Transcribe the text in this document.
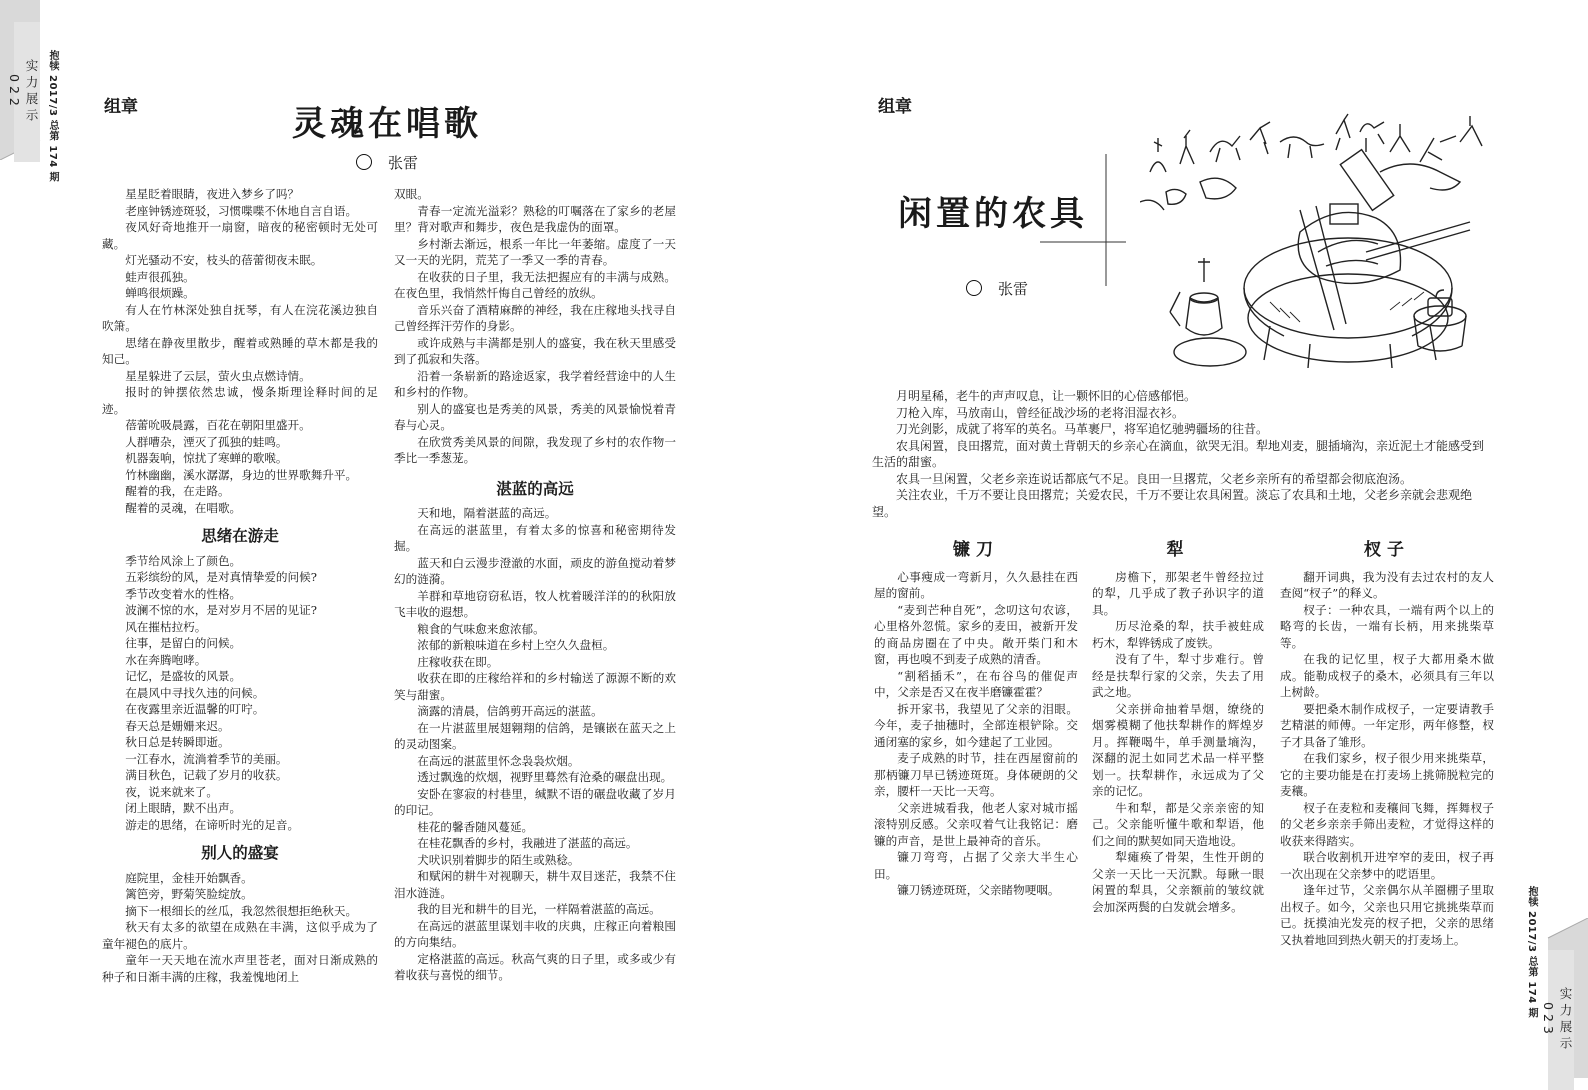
实力展示
022	抱犊 2017/3 总第 174 期	组章	灵魂在唱歌
张雷

星星眨着眼睛，夜进入梦乡了吗？

老座钟锈迹斑驳，习惯喋喋不休地自言自语。

夜风好奇地推开一扇窗，暗夜的秘密顿时无处可藏。

灯光骚动不安，枝头的蓓蕾彻夜未眠。

蛙声很孤独。

蝉鸣很烦躁。

有人在竹林深处独自抚琴，有人在浣花溪边独自吹箫。

思绪在静夜里散步，醒着或熟睡的草木都是我的知己。

星星躲进了云层，萤火虫点燃诗情。

报时的钟摆依然忠诚，慢条斯理诠释时间的足迹。

蓓蕾吮吸晨露，百花在朝阳里盛开。

人群嘈杂，湮灭了孤独的蛙鸣。

机器轰响，惊扰了寒蝉的歌喉。

竹林幽幽，溪水潺潺，身边的世界歌舞升平。

醒着的我，在走路。

醒着的灵魂，在唱歌。

思绪在游走

季节给风涂上了颜色。

五彩缤纷的风，是对真情挚爱的问候?

季节改变着水的性格。

波澜不惊的水，是对岁月不居的见证?

风在摧枯拉朽。

往事，是留白的问候。

水在奔腾咆哮。

记忆，是盛妆的风景。

在晨风中寻找久违的问候。

在夜露里亲近温馨的叮咛。

春天总是姗姗来迟。

秋日总是转瞬即逝。

一江春水，流淌着季节的美丽。

满目秋色，记载了岁月的收获。

夜，说来就来了。

闭上眼睛，默不出声。

游走的思绪，在谛听时光的足音。

别人的盛宴

庭院里，金桂开始飘香。

篱笆旁，野菊笑脸绽放。

摘下一根细长的丝瓜，我忽然很想拒绝秋天。

秋天有太多的欲望在成熟在丰满，这似乎成为了童年褪色的底片。

童年一天天地在流水声里苍老，面对日渐成熟的种子和日渐丰满的庄稼，我羞愧地闭上

双眼。

青春一定流光溢彩？熟稔的叮嘱落在了家乡的老屋里？背对歌声和舞步，夜色是我虚伪的面罩。

乡村渐去渐远，根系一年比一年萎缩。虚度了一天又一天的光阴，荒芜了一季又一季的青春。

在收获的日子里，我无法把握应有的丰满与成熟。在夜色里，我悄然忏悔自己曾经的放纵。

音乐兴奋了酒精麻醉的神经，我在庄稼地头找寻自己曾经挥汗劳作的身影。

或许成熟与丰满都是别人的盛宴，我在秋天里感受到了孤寂和失落。

沿着一条崭新的路途返家，我学着经营途中的人生和乡村的作物。

别人的盛宴也是秀美的风景，秀美的风景愉悦着青春与心灵。

在欣赏秀美风景的间隙，我发现了乡村的农作物一季比一季葱茏。

湛蓝的高远

天和地，隔着湛蓝的高远。

在高远的湛蓝里，有着太多的惊喜和秘密期待发掘。

蓝天和白云漫步澄澈的水面，顽皮的游鱼搅动着梦幻的涟漪。

羊群和草地窃窃私语，牧人枕着暖洋洋的的秋阳放飞丰收的遐想。

粮食的气味愈来愈浓郁。

浓郁的新粮味道在乡村上空久久盘桓。

庄稼收获在即。

收获在即的庄稼给祥和的乡村输送了源源不断的欢笑与甜蜜。

滴露的清晨，信鸽剪开高远的湛蓝。

在一片湛蓝里展翅翱翔的信鸽，是镶嵌在蓝天之上的灵动图案。

在高远的湛蓝里怀念袅袅炊烟。

透过飘逸的炊烟，视野里蓦然有沧桑的碾盘出现。

安卧在寥寂的村巷里，缄默不语的碾盘收藏了岁月的印记。

桂花的馨香随风蔓延。

在桂花飘香的乡村，我融进了湛蓝的高远。

犬吠识别着脚步的陌生或熟稔。

和赋闲的耕牛对视聊天，耕牛双目迷茫，我禁不住泪水涟涟。

我的目光和耕牛的目光，一样隔着湛蓝的高远。

在高远的湛蓝里谋划丰收的庆典，庄稼正向着粮囤的方向集结。

定格湛蓝的高远。秋高气爽的日子里，或多或少有着收获与喜悦的细节。

实力展示
023
抱犊 2017/3 总第 174 期
组章
闲置的农具
张雷

月明星稀，老牛的声声叹息，让一颗怀旧的心倍感郁悒。

刀枪入库，马放南山，曾经征战沙场的老将泪湿衣衫。

刀光剑影，成就了将军的英名。马革裹尸，将军追忆驰骋疆场的往昔。

农具闲置，良田撂荒，面对黄土背朝天的乡亲心在滴血，欲哭无泪。犁地刈麦，腿插墒沟，亲近泥土才能感受到生活的甜蜜。

农具一旦闲置，父老乡亲连说话都底气不足。良田一旦撂荒，父老乡亲所有的希望都会彻底泡汤。

关注农业，千万不要让良田撂荒；关爱农民，千万不要让农具闲置。淡忘了农具和土地，父老乡亲就会悲观绝望。

镰刀

心事瘦成一弯新月，久久悬挂在西屋的窗前。

“麦到芒种自死”，念叨这句农谚，心里格外忽慌。家乡的麦田，被新开发的商品房圈在了中央。敞开柴门和木窗，再也嗅不到麦子成熟的清香。

“割稻插禾”，在布谷鸟的催促声中，父亲是否又在夜半磨镰霍霍？

拆开家书，我望见了父亲的泪眼。今年，麦子抽穗时，全部连根铲除。交通闭塞的家乡，如今建起了工业园。

麦子成熟的时节，挂在西屋窗前的那柄镰刀早已锈迹斑斑。身体硬朗的父亲，腰杆一天比一天弯。

父亲进城看我，他老人家对城市摇滚特别反感。父亲叹着气让我铭记：磨镰的声音，是世上最神奇的音乐。

镰刀弯弯，占据了父亲大半生心田。

镰刀锈迹斑斑，父亲睹物哽咽。

犁

房檐下，那架老牛曾经拉过的犁，几乎成了教子孙识字的道具。

历尽沧桑的犁，扶手被蛀成朽木，犁铧锈成了废铁。

没有了牛，犁寸步难行。曾经是扶犁行家的父亲，失去了用武之地。

父亲拼命抽着旱烟，缭绕的烟雾模糊了他扶犁耕作的辉煌岁月。挥鞭喝牛，单手测量墒沟，深翻的泥土如同艺术品一样平整划一。扶犁耕作，永远成为了父亲的记忆。

牛和犁，都是父亲亲密的知己。父亲能听懂牛歌和犁语，他们之间的默契如同天造地设。

犁瘫痪了骨架，生性开朗的父亲一天比一天沉默。每瞅一眼闲置的犁具，父亲额前的皱纹就会加深两鬓的白发就会增多。

杈子

翻开词典，我为没有去过农村的友人查阅“杈子”的释义。

杈子：一种农具，一端有两个以上的略弯的长齿，一端有长柄，用来挑柴草等。

在我的记忆里，杈子大都用桑木做成。能勒成杈子的桑木，必须具有三年以上树龄。

要把桑木制作成杈子，一定要请教手艺精湛的师傅。一年定形，两年修整，杈子才具备了雏形。

在我们家乡，杈子很少用来挑柴草，它的主要功能是在打麦场上挑筛脱粒完的麦穰。

杈子在麦粒和麦穰间飞舞，挥舞杈子的父老乡亲亲手筛出麦粒，才觉得这样的收获来得踏实。

联合收割机开进窄窄的麦田，杈子再一次出现在父亲梦中的呓语里。

逢年过节，父亲偶尔从羊圈棚子里取出杈子。如今，父亲也只用它挑挑柴草而已。抚摸油光发亮的杈子把，父亲的思绪又执着地回到热火朝天的打麦场上。
